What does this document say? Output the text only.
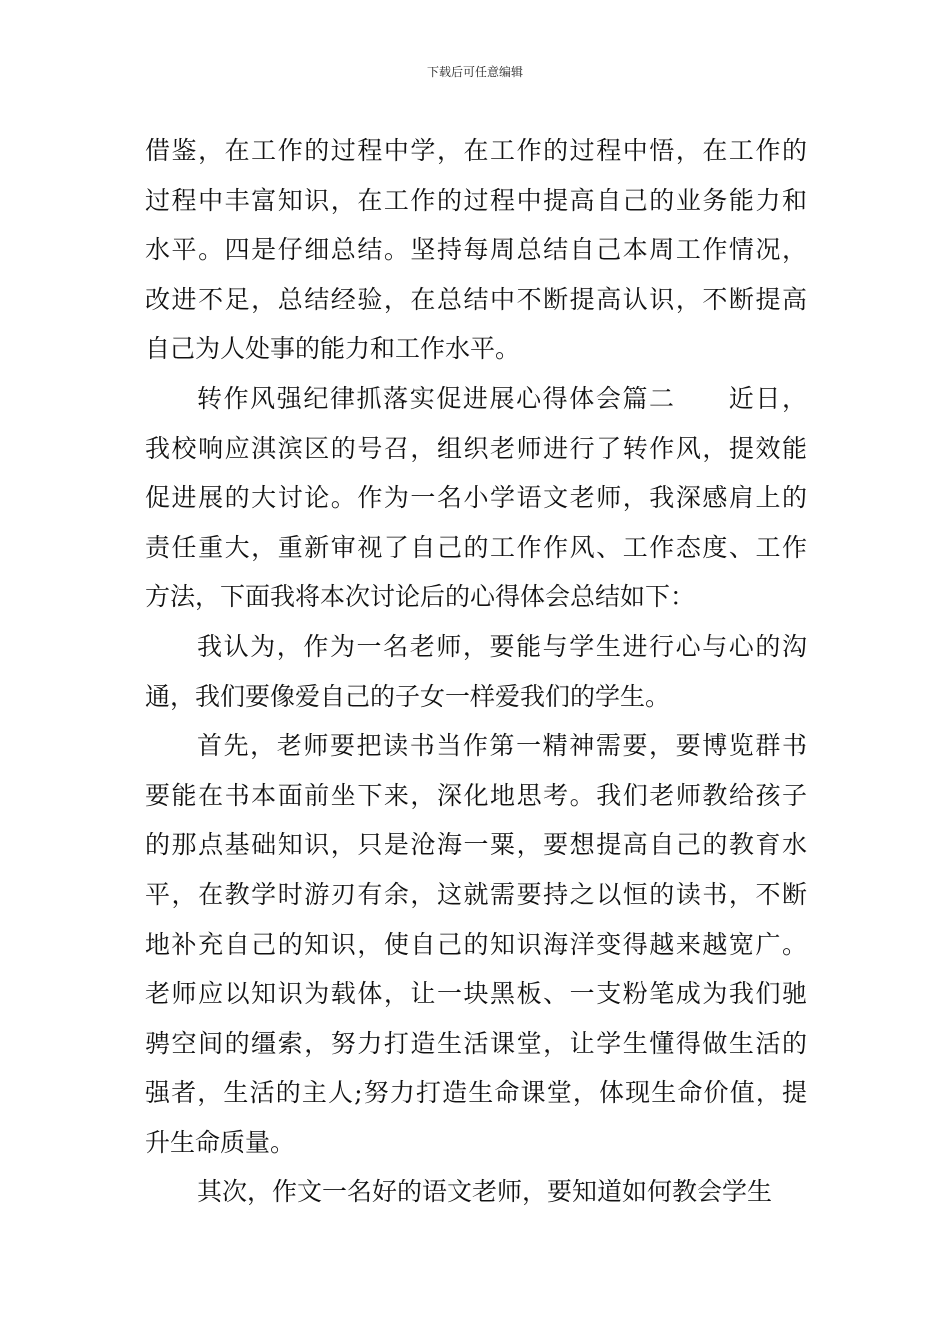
下载后可任意编辑
借鉴，在工作的过程中学，在工作的过程中悟，在工作的
过程中丰富知识，在工作的过程中提高自己的业务能力和
水平。四是仔细总结。坚持每周总结自己本周工作情况，
改进不足，总结经验，在总结中不断提高认识，不断提高
自己为人处事的能力和工作水平。
转作风强纪律抓落实促进展心得体会篇二　　近日，
我校响应淇滨区的号召，组织老师进行了转作风，提效能
促进展的大讨论。作为一名小学语文老师，我深感肩上的
责任重大，重新审视了自己的工作作风、工作态度、工作
方法，下面我将本次讨论后的心得体会总结如下：
我认为，作为一名老师，要能与学生进行心与心的沟
通，我们要像爱自己的子女一样爱我们的学生。
首先，老师要把读书当作第一精神需要，要博览群书
要能在书本面前坐下来，深化地思考。我们老师教给孩子
的那点基础知识，只是沧海一粟，要想提高自己的教育水
平，在教学时游刃有余，这就需要持之以恒的读书，不断
地补充自己的知识，使自己的知识海洋变得越来越宽广。
老师应以知识为载体，让一块黑板、一支粉笔成为我们驰
骋空间的缰索，努力打造生活课堂，让学生懂得做生活的
强者，生活的主人;努力打造生命课堂，体现生命价值，提
升生命质量。
其次，作文一名好的语文老师，要知道如何教会学生
